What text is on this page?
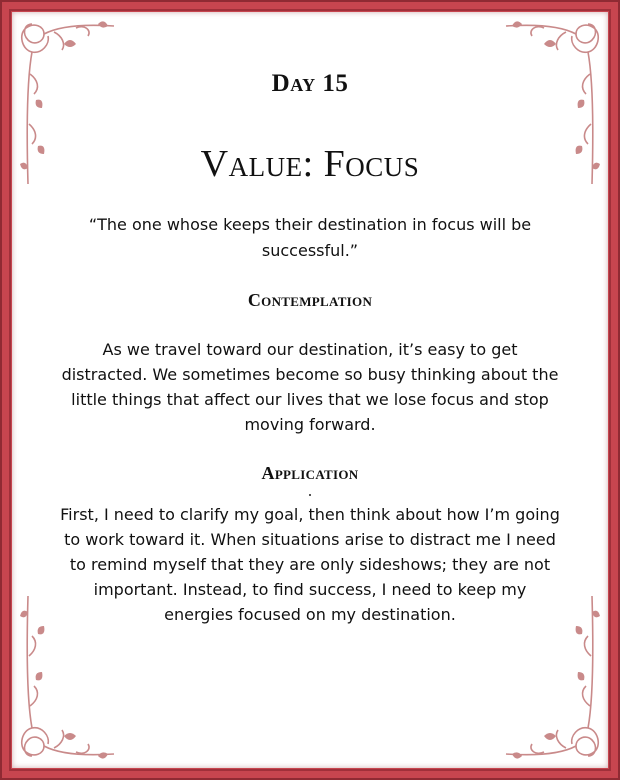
Day 15
Value: Focus

“The one whose keeps their destination in focus will be successful.”

Contemplation

As we travel toward our destination, it’s easy to get distracted. We sometimes become so busy thinking about the little things that affect our lives that we lose focus and stop moving forward.

Application

First, I need to clarify my goal, then think about how I’m going to work toward it. When situations arise to distract me I need to remind myself that they are only sideshows; they are not important. Instead, to find success, I need to keep my energies focused on my destination.
